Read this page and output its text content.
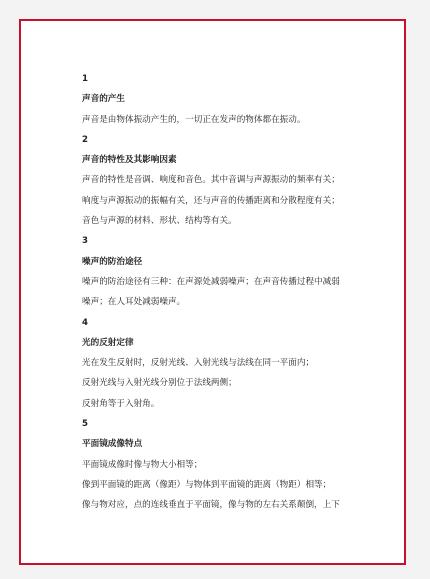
1
声音的产生
声音是由物体振动产生的，一切正在发声的物体都在振动。
2
声音的特性及其影响因素
声音的特性是音调、响度和音色。其中音调与声源振动的频率有关；
响度与声源振动的振幅有关，还与声音的传播距离和分散程度有关；
音色与声源的材料、形状、结构等有关。
3
噪声的防治途径
噪声的防治途径有三种：在声源处减弱噪声；在声音传播过程中减弱
噪声；在人耳处减弱噪声。
4
光的反射定律
光在发生反射时，反射光线、入射光线与法线在同一平面内；
反射光线与入射光线分别位于法线两侧；
反射角等于入射角。
5
平面镜成像特点
平面镜成像时像与物大小相等；
像到平面镜的距离（像距）与物体到平面镜的距离（物距）相等；
像与物对应，点的连线垂直于平面镜，像与物的左右关系颠倒，上下
